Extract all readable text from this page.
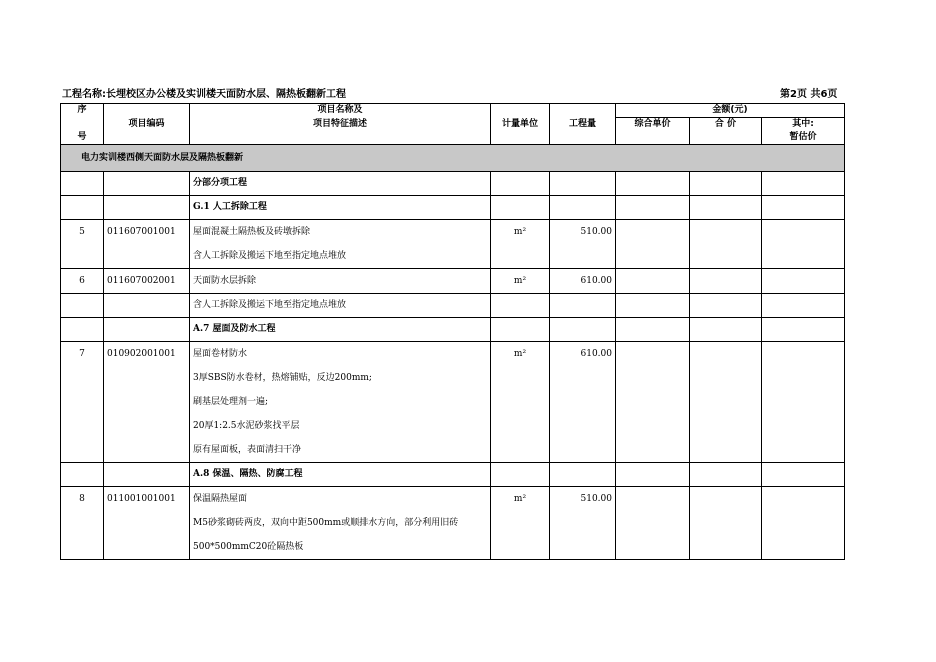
工程名称:长埋校区办公楼及实训楼天面防水层、隔热板翻新工程	第2页 共6页
序		项目名称及			金额(元)		
	项目编码	项目特征描述	计量单位	工程量	综合单价	合 价	其中:
号							暂估价
电力实训楼西侧天面防水层及隔热板翻新							
		分部分项工程					
		G.1 人工拆除工程					
5	011607001001	屋面混凝土隔热板及砖墩拆除	m²	510.00			
		含人工拆除及搬运下地至指定地点堆放					
6	011607002001	天面防水层拆除	m²	610.00			
		含人工拆除及搬运下地至指定地点堆放					
		A.7 屋面及防水工程					
7	010902001001	屋面卷材防水	m²	610.00			
		3厚SBS防水卷材，热熔铺贴，反边200mm;					
		刷基层处理剂一遍;					
		20厚1:2.5水泥砂浆找平层					
		原有屋面板，表面清扫干净					
		A.8 保温、隔热、防腐工程					
8	011001001001	保温隔热屋面	m²	510.00			
		M5砂浆砌砖两皮，双向中距500mm或顺排水方向，部分利用旧砖					
		500*500mmC20砼隔热板					
